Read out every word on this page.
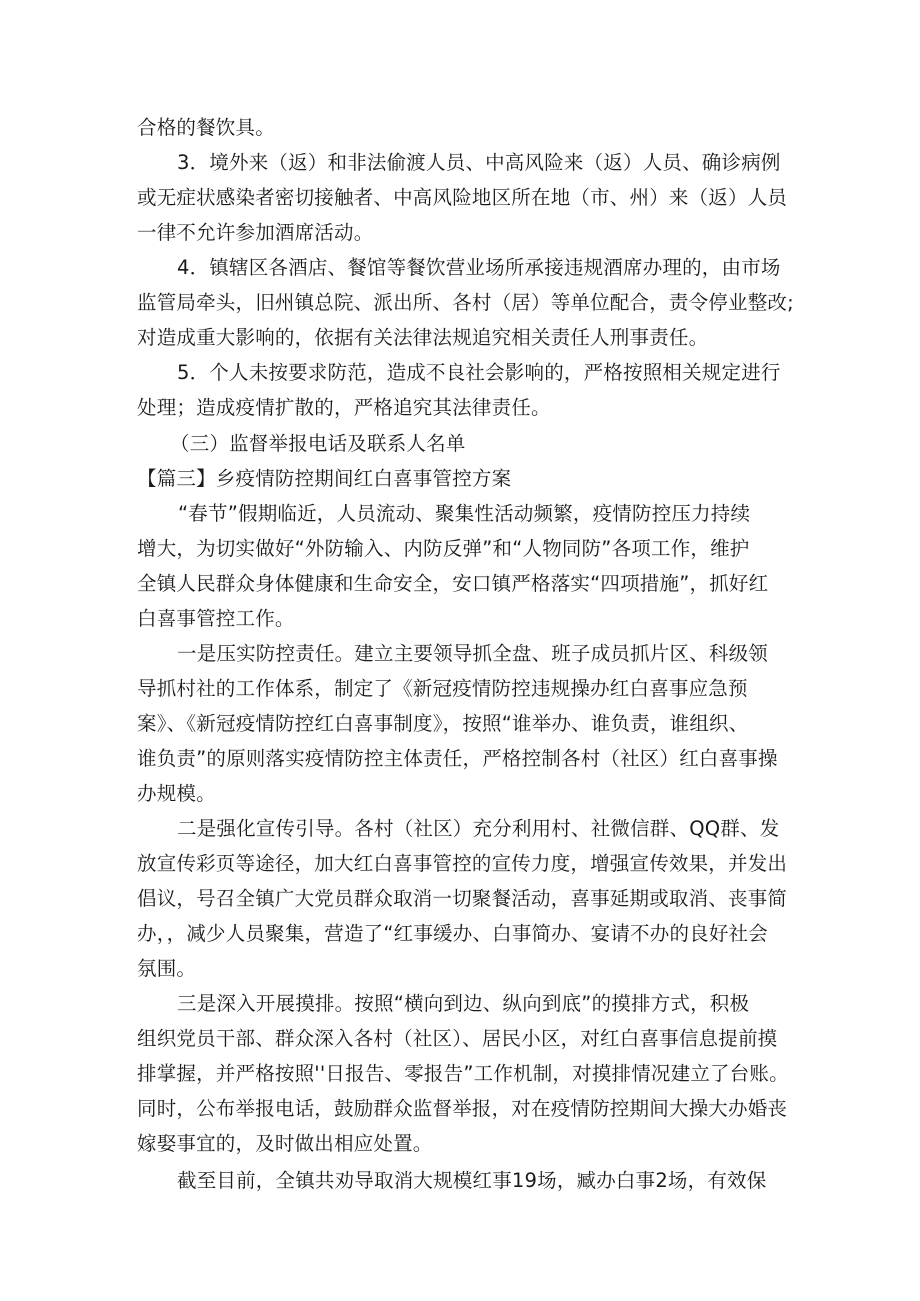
合格的餐饮具。
3．境外来（返）和非法偷渡人员、中高风险来（返）人员、确诊病例
或无症状感染者密切接触者、中高风险地区所在地（市、州）来（返）人员
一律不允许参加酒席活动。
4．镇辖区各酒店、餐馆等餐饮营业场所承接违规酒席办理的，由市场
监管局牵头，旧州镇总院、派出所、各村（居）等单位配合，责令停业整改;
对造成重大影响的，依据有关法律法规追究相关责任人刑事责任。
5．个人未按要求防范，造成不良社会影响的，严格按照相关规定进行
处理；造成疫情扩散的，严格追究其法律责任。
（三）监督举报电话及联系人名单
【篇三】乡疫情防控期间红白喜事管控方案
“春节”假期临近，人员流动、聚集性活动频繁，疫情防控压力持续
增大，为切实做好“外防输入、内防反弹”和“人物同防”各项工作，维护
全镇人民群众身体健康和生命安全，安口镇严格落实“四项措施”，抓好红
白喜事管控工作。
一是压实防控责任。建立主要领导抓全盘、班子成员抓片区、科级领
导抓村社的工作体系，制定了《新冠疫情防控违规操办红白喜事应急预
案》、《新冠疫情防控红白喜事制度》，按照“谁举办、谁负责，谁组织、
谁负责”的原则落实疫情防控主体责任，严格控制各村（社区）红白喜事操
办规模。
二是强化宣传引导。各村（社区）充分利用村、社微信群、QQ群、发
放宣传彩页等途径，加大红白喜事管控的宣传力度，增强宣传效果，并发出
倡议，号召全镇广大党员群众取消一切聚餐活动，喜事延期或取消、丧事简
办，，减少人员聚集，营造了“红事缓办、白事简办、宴请不办的良好社会
氛围。
三是深入开展摸排。按照“横向到边、纵向到底”的摸排方式，积极
组织党员干部、群众深入各村（社区）、居民小区，对红白喜事信息提前摸
排掌握，并严格按照''日报告、零报告”工作机制，对摸排情况建立了台账。
同时，公布举报电话，鼓励群众监督举报，对在疫情防控期间大操大办婚丧
嫁娶事宜的，及时做出相应处置。
截至目前，全镇共劝导取消大规模红事19场，臧办白事2场，有效保
